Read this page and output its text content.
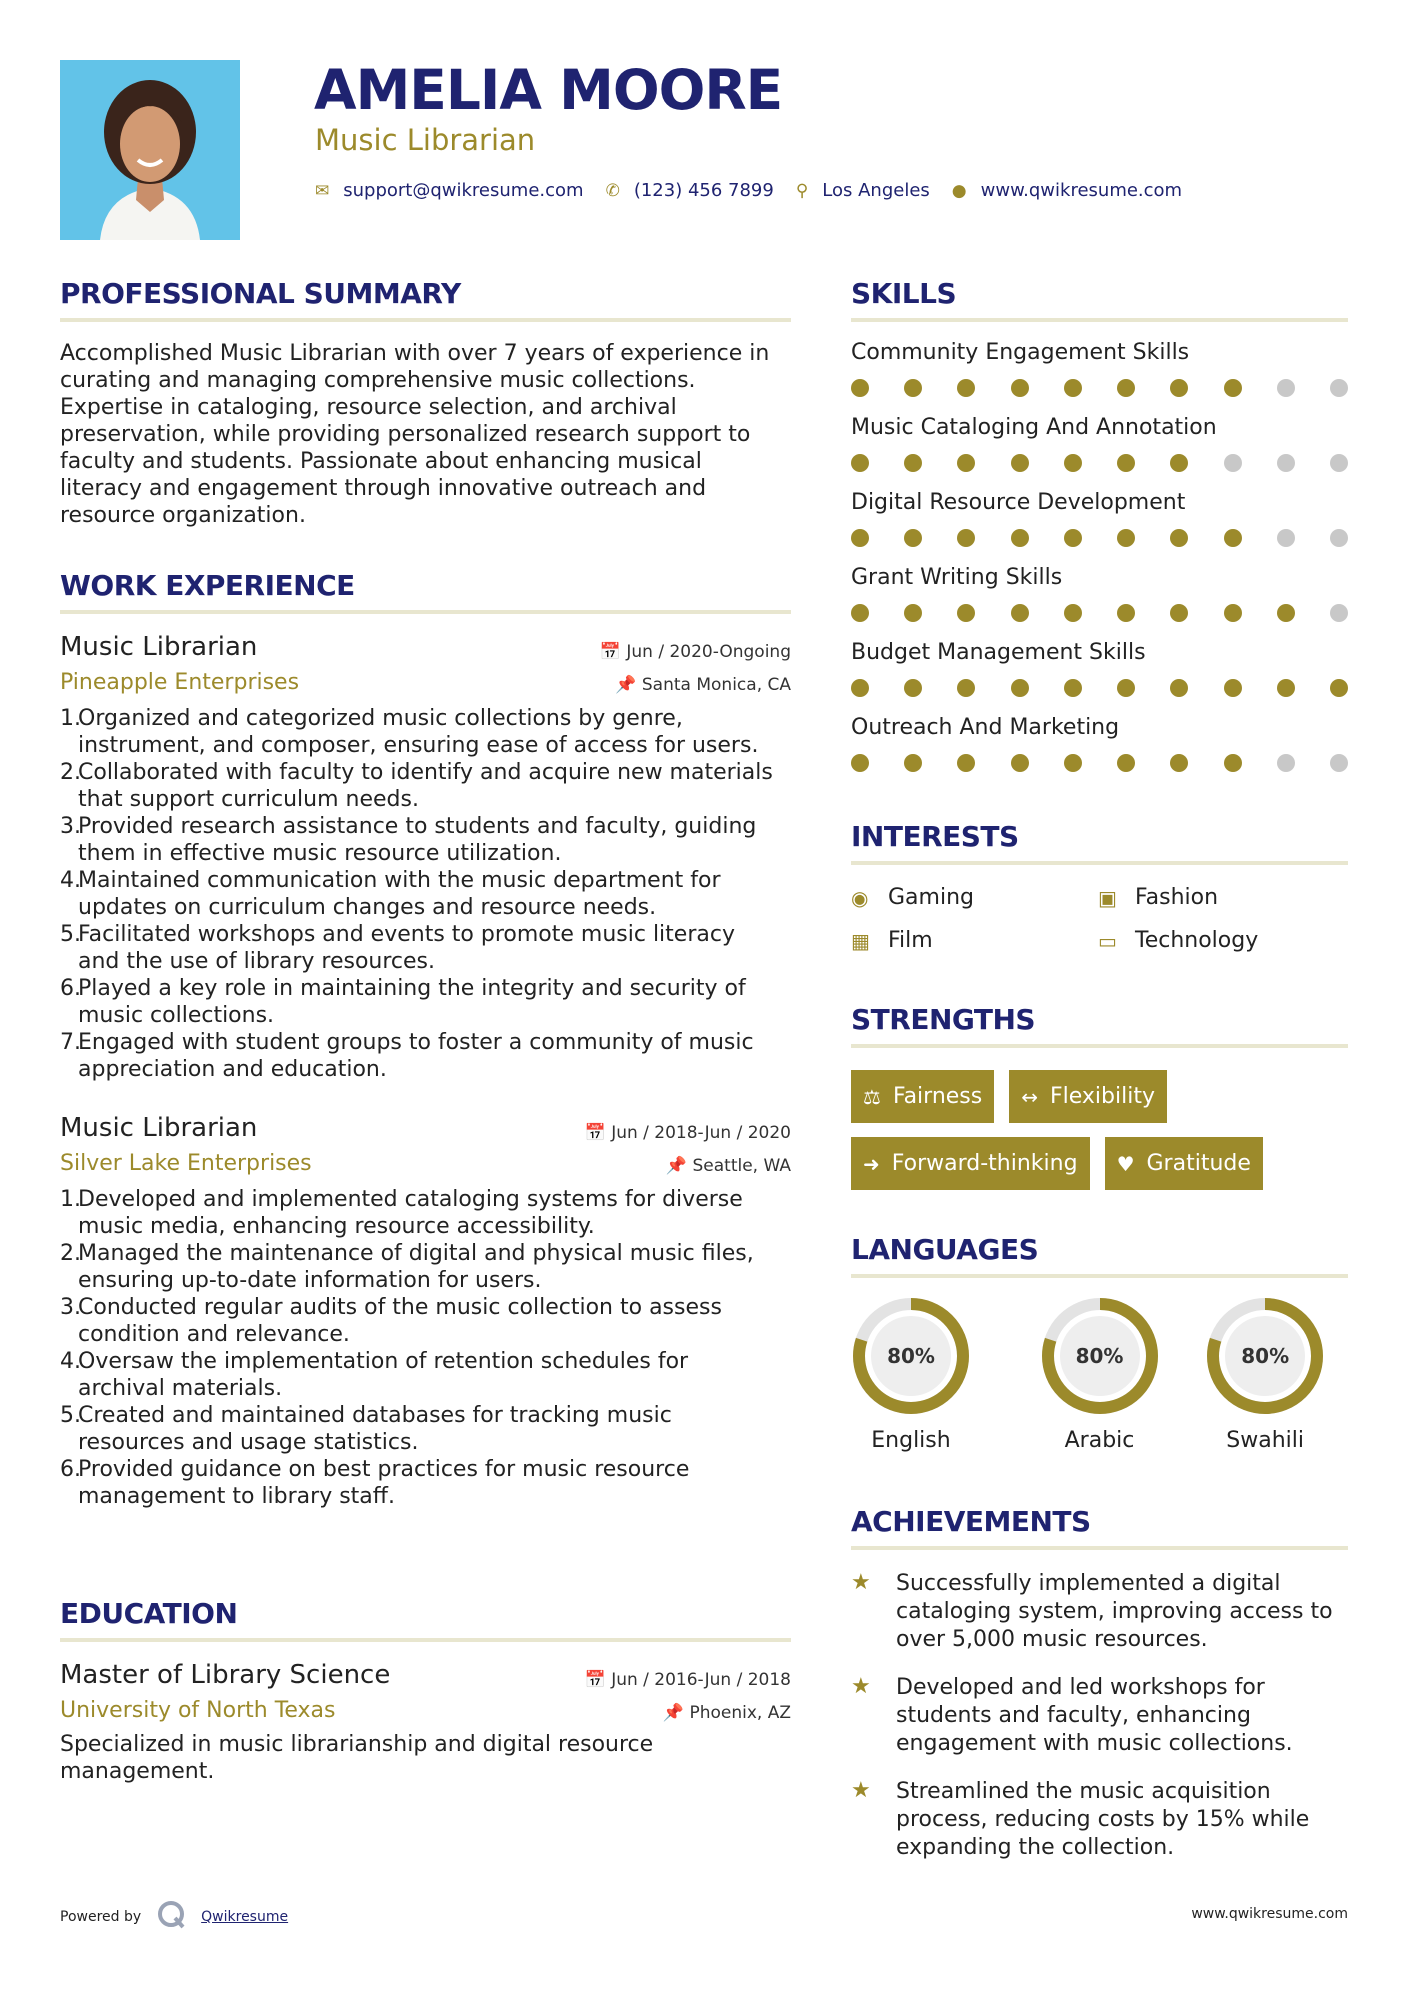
AMELIA MOORE
Music Librarian
✉ support@qwikresume.com ✆ (123) 456 7899 ⚲ Los Angeles ● www.qwikresume.com
PROFESSIONAL SUMMARY
Accomplished Music Librarian with over 7 years of experience in
curating and managing comprehensive music collections.
Expertise in cataloging, resource selection, and archival
preservation, while providing personalized research support to
faculty and students. Passionate about enhancing musical
literacy and engagement through innovative outreach and
resource organization.
WORK EXPERIENCE
Music Librarian	📅 Jun / 2020-Ongoing
Pineapple Enterprises	📌 Santa Monica, CA
1.
Organized and categorized music collections by genre,
instrument, and composer, ensuring ease of access for users.
2.
Collaborated with faculty to identify and acquire new materials
that support curriculum needs.
3.
Provided research assistance to students and faculty, guiding
them in effective music resource utilization.
4.
Maintained communication with the music department for
updates on curriculum changes and resource needs.
5.
Facilitated workshops and events to promote music literacy
and the use of library resources.
6.
Played a key role in maintaining the integrity and security of
music collections.
7.
Engaged with student groups to foster a community of music
appreciation and education.
Music Librarian	📅 Jun / 2018-Jun / 2020
Silver Lake Enterprises	📌 Seattle, WA
1.
Developed and implemented cataloging systems for diverse
music media, enhancing resource accessibility.
2.
Managed the maintenance of digital and physical music files,
ensuring up-to-date information for users.
3.
Conducted regular audits of the music collection to assess
condition and relevance.
4.
Oversaw the implementation of retention schedules for
archival materials.
5.
Created and maintained databases for tracking music
resources and usage statistics.
6.
Provided guidance on best practices for music resource
management to library staff.
EDUCATION
Master of Library Science	📅 Jun / 2016-Jun / 2018
University of North Texas	📌 Phoenix, AZ
Specialized in music librarianship and digital resource
management.
SKILLS
Community Engagement Skills
Music Cataloging And Annotation
Digital Resource Development
Grant Writing Skills
Budget Management Skills
Outreach And Marketing
INTERESTS
◉ Gaming	▣ Fashion
▦ Film	▭ Technology
STRENGTHS
⚖ Fairness ↔ Flexibility
➜ Forward-thinking ♥ Gratitude
LANGUAGES
80%
English
80%
Arabic
80%
Swahili
ACHIEVEMENTS
★	Successfully implemented a digital
cataloging system, improving access to
over 5,000 music resources.
★	Developed and led workshops for
students and faculty, enhancing
engagement with music collections.
★	Streamlined the music acquisition
process, reducing costs by 15% while
expanding the collection.
Powered by	Qwikresume	www.qwikresume.com
